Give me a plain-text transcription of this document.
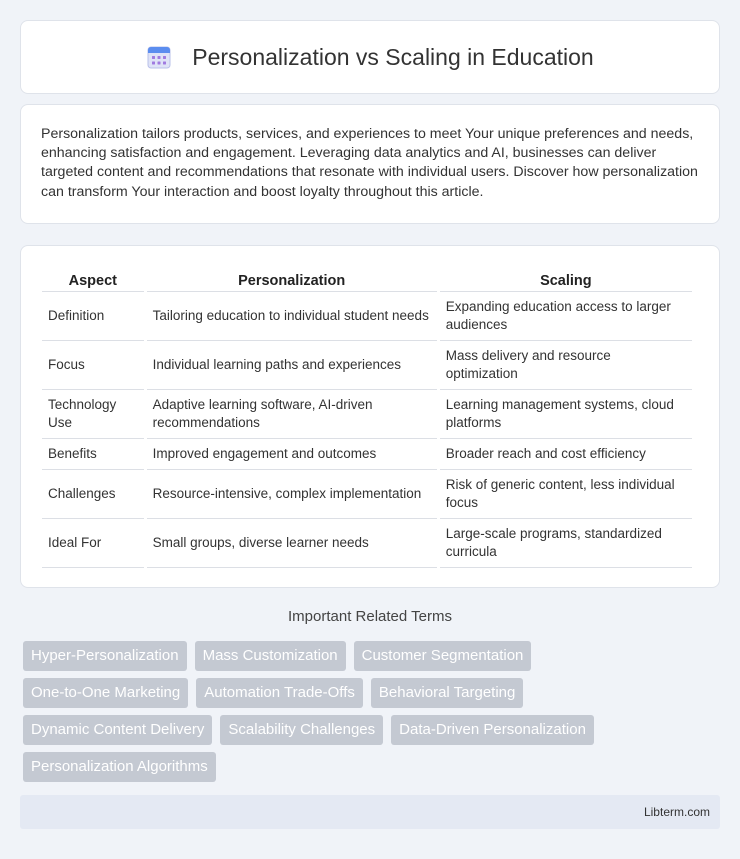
Personalization vs Scaling in Education

Personalization tailors products, services, and experiences to meet Your unique preferences and needs, enhancing satisfaction and engagement. Leveraging data analytics and AI, businesses can deliver targeted content and recommendations that resonate with individual users. Discover how personalization can transform Your interaction and boost loyalty throughout this article.

Aspect	Personalization	Scaling
Definition	Tailoring education to individual student needs	Expanding education access to larger audiences
Focus	Individual learning paths and experiences	Mass delivery and resource optimization
Technology Use	Adaptive learning software, AI-driven recommendations	Learning management systems, cloud platforms
Benefits	Improved engagement and outcomes	Broader reach and cost efficiency
Challenges	Resource-intensive, complex implementation	Risk of generic content, less individual focus
Ideal For	Small groups, diverse learner needs	Large-scale programs, standardized curricula
Important Related Terms
Hyper-Personalization	Mass Customization	Customer Segmentation
One-to-One Marketing	Automation Trade-Offs	Behavioral Targeting
Dynamic Content Delivery	Scalability Challenges	Data-Driven Personalization
Personalization Algorithms
Libterm.com
